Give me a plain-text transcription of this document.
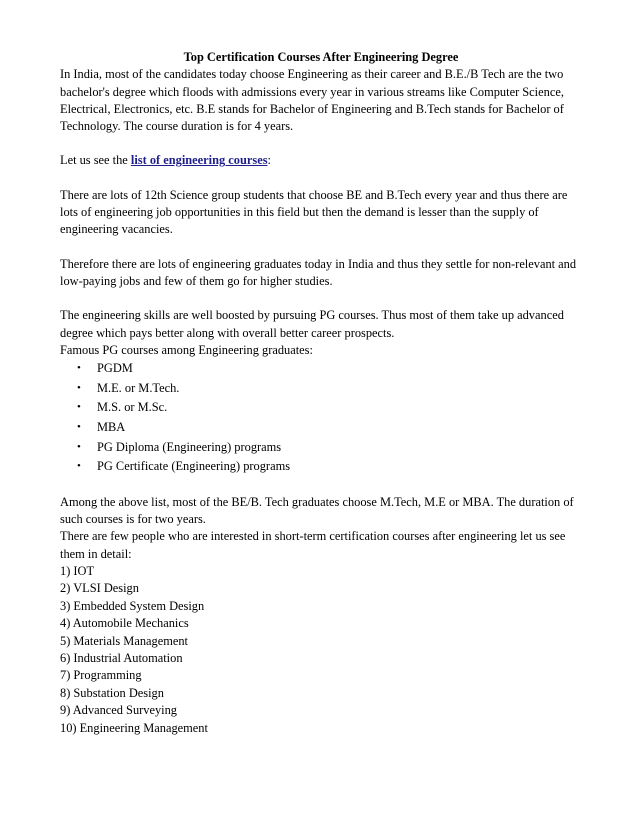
Top Certification Courses After Engineering Degree

In India, most of the candidates today choose Engineering as their career and B.E./B Tech are the two bachelor's degree which floods with admissions every year in various streams like Computer Science, Electrical, Electronics, etc. B.E stands for Bachelor of Engineering and B.Tech stands for Bachelor of Technology. The course duration is for 4 years.

Let us see the list of engineering courses:

There are lots of 12th Science group students that choose BE and B.Tech every year and thus there are lots of engineering job opportunities in this field but then the demand is lesser than the supply of engineering vacancies.

Therefore there are lots of engineering graduates today in India and thus they settle for non-relevant and low-paying jobs and few of them go for higher studies.

The engineering skills are well boosted by pursuing PG courses. Thus most of them take up advanced degree which pays better along with overall better career prospects.

Famous PG courses among Engineering graduates:

• PGDM
• M.E. or M.Tech.
• M.S. or M.Sc.
• MBA
• PG Diploma (Engineering) programs
• PG Certificate (Engineering) programs

Among the above list, most of the BE/B. Tech graduates choose M.Tech, M.E or MBA. The duration of such courses is for two years.

There are few people who are interested in short-term certification courses after engineering let us see them in detail:

1) IOT
2) VLSI Design
3) Embedded System Design
4) Automobile Mechanics
5) Materials Management
6) Industrial Automation
7) Programming
8) Substation Design
9) Advanced Surveying
10) Engineering Management
